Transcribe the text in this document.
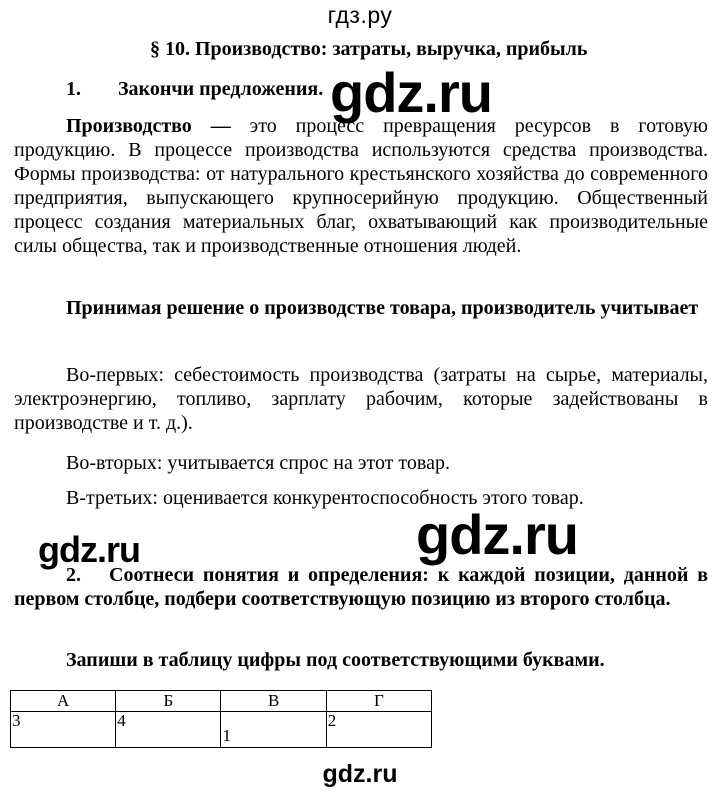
гдз.ру
§ 10. Производство: затраты, выручка, прибыль
1. Закончи предложения. gdz.ru
Производство — это процесс превращения ресурсов в готовую продукцию. В процессе производства используются средства производства. Формы производства: от натурального крестьянского хозяйства до современного предприятия, выпускающего крупносерийную продукцию. Общественный процесс создания материальных благ, охватывающий как производительные силы общества, так и производственные отношения людей.
Принимая решение о производстве товара, производитель учитывает
Во-первых: себестоимость производства (затраты на сырье, материалы, электроэнергию, топливо, зарплату рабочим, которые задействованы в производстве и т. д.).
Во-вторых: учитывается спрос на этот товар.
В-третьих: оценивается конкурентоспособность этого товар.
gdz.ru
gdz.ru
2. Соотнеси понятия и определения: к каждой позиции, данной в первом столбце, подбери соответствующую позицию из второго столбца.
Запиши в таблицу цифры под соответствующими буквами.
А	Б	В	Г
3	4	1	2
gdz.ru
